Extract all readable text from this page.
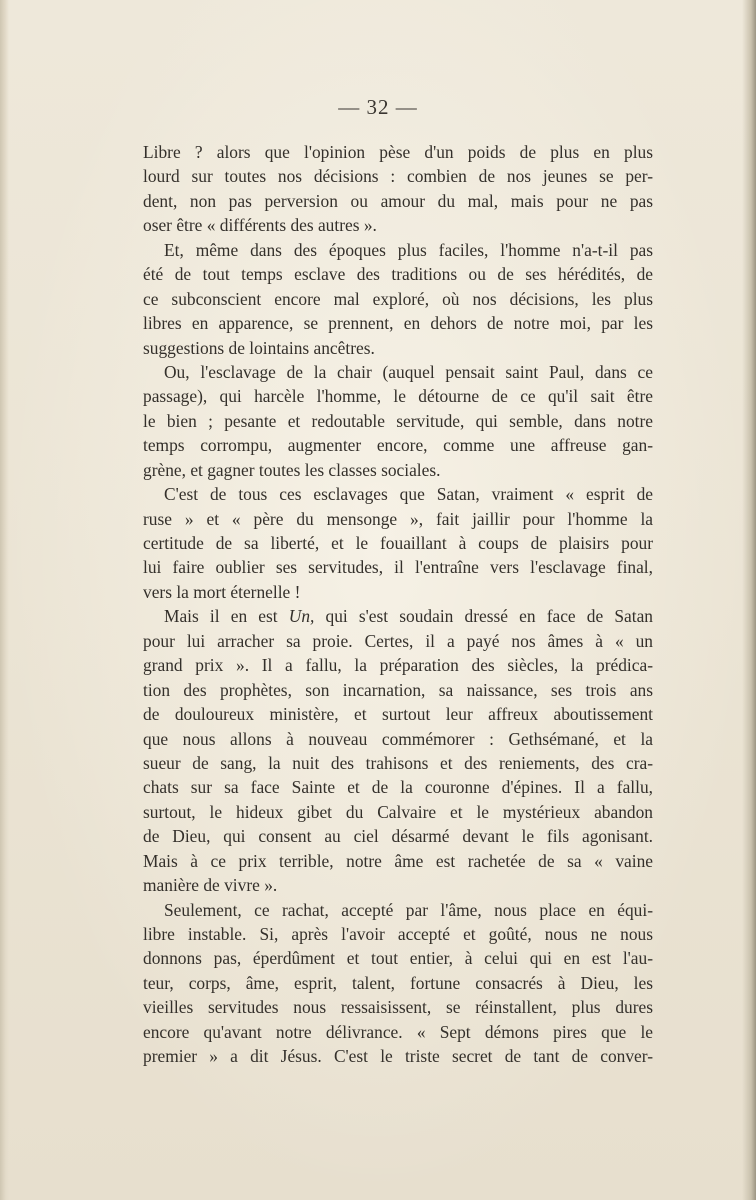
— 32 —
Libre ? alors que l'opinion pèse d'un poids de plus en plus
lourd sur toutes nos décisions : combien de nos jeunes se per-
dent, non pas perversion ou amour du mal, mais pour ne pas
oser être « différents des autres ».
Et, même dans des époques plus faciles, l'homme n'a-t-il pas
été de tout temps esclave des traditions ou de ses hérédités, de
ce subconscient encore mal exploré, où nos décisions, les plus
libres en apparence, se prennent, en dehors de notre moi, par les
suggestions de lointains ancêtres.
Ou, l'esclavage de la chair (auquel pensait saint Paul, dans ce
passage), qui harcèle l'homme, le détourne de ce qu'il sait être
le bien ; pesante et redoutable servitude, qui semble, dans notre
temps corrompu, augmenter encore, comme une affreuse gan-
grène, et gagner toutes les classes sociales.
C'est de tous ces esclavages que Satan, vraiment « esprit de
ruse » et « père du mensonge », fait jaillir pour l'homme la
certitude de sa liberté, et le fouaillant à coups de plaisirs pour
lui faire oublier ses servitudes, il l'entraîne vers l'esclavage final,
vers la mort éternelle !
Mais il en est Un, qui s'est soudain dressé en face de Satan
pour lui arracher sa proie. Certes, il a payé nos âmes à « un
grand prix ». Il a fallu, la préparation des siècles, la prédica-
tion des prophètes, son incarnation, sa naissance, ses trois ans
de douloureux ministère, et surtout leur affreux aboutissement
que nous allons à nouveau commémorer : Gethsémané, et la
sueur de sang, la nuit des trahisons et des reniements, des cra-
chats sur sa face Sainte et de la couronne d'épines. Il a fallu,
surtout, le hideux gibet du Calvaire et le mystérieux abandon
de Dieu, qui consent au ciel désarmé devant le fils agonisant.
Mais à ce prix terrible, notre âme est rachetée de sa « vaine
manière de vivre ».
Seulement, ce rachat, accepté par l'âme, nous place en équi-
libre instable. Si, après l'avoir accepté et goûté, nous ne nous
donnons pas, éperdûment et tout entier, à celui qui en est l'au-
teur, corps, âme, esprit, talent, fortune consacrés à Dieu, les
vieilles servitudes nous ressaisissent, se réinstallent, plus dures
encore qu'avant notre délivrance. « Sept démons pires que le
premier » a dit Jésus. C'est le triste secret de tant de conver-
